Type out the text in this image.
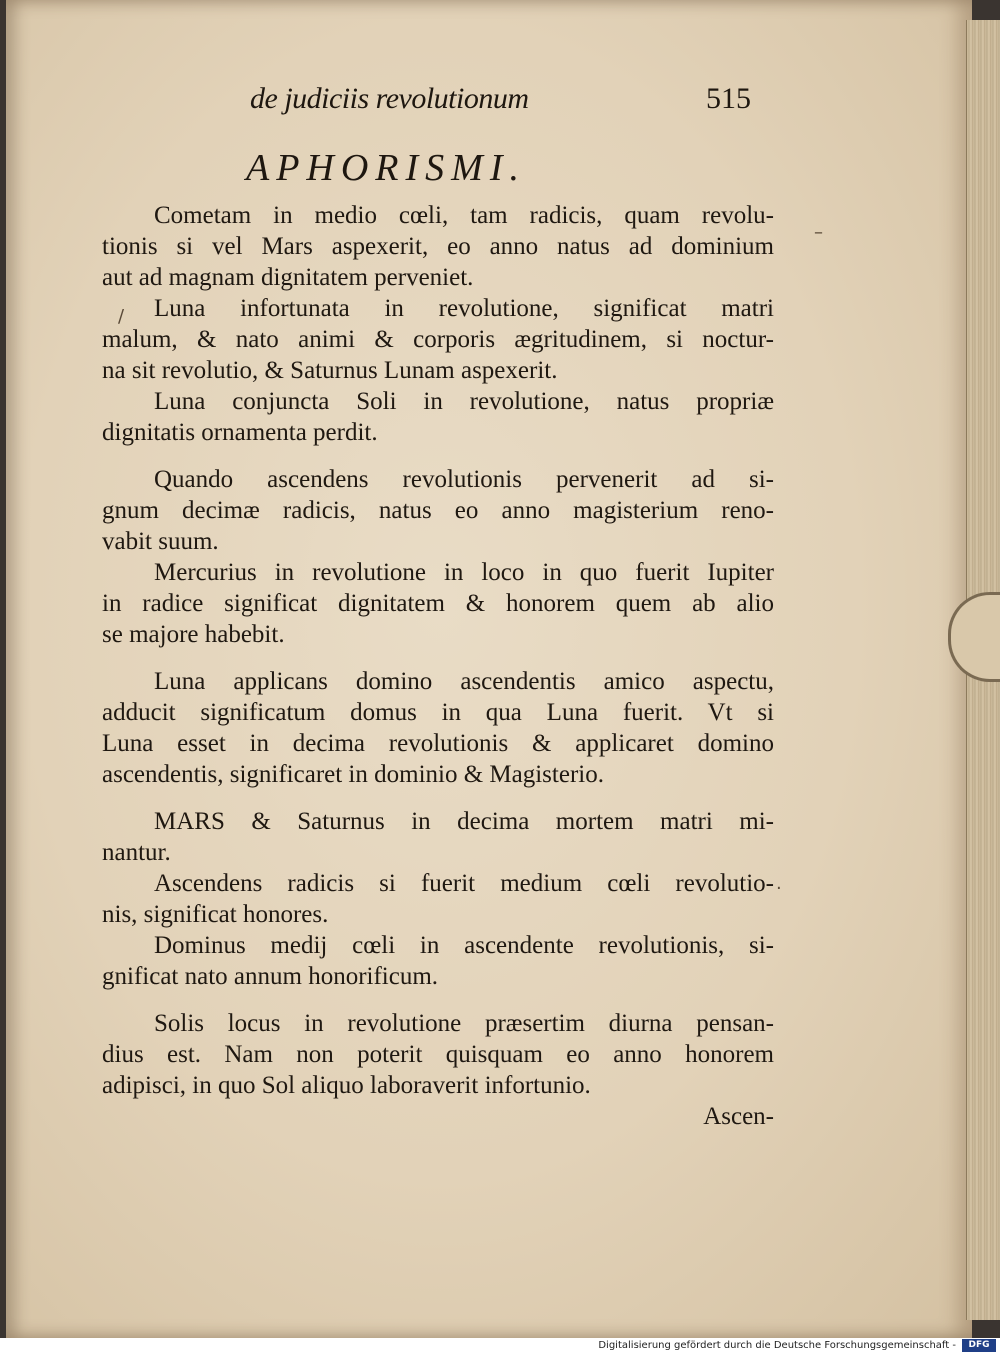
de judiciis revolutionum	515
APHORISMI.
Cometam in medio cœli, tam radicis, quam revolu-
tionis si vel Mars aspexerit, eo anno natus ad dominium
aut ad magnam dignitatem perveniet.
Luna infortunata in revolutione, significat matri
malum, & nato animi & corporis ægritudinem, si noctur-
na sit revolutio, & Saturnus Lunam aspexerit.
Luna conjuncta Soli in revolutione, natus propriæ
dignitatis ornamenta perdit.
Quando ascendens revolutionis pervenerit ad si-
gnum decimæ radicis, natus eo anno magisterium reno-
vabit suum.
Mercurius in revolutione in loco in quo fuerit Iupiter
in radice significat dignitatem & honorem quem ab alio
se majore habebit.
Luna applicans domino ascendentis amico aspectu,
adducit significatum domus in qua Luna fuerit. Vt si
Luna esset in decima revolutionis & applicaret domino
ascendentis, significaret in dominio & Magisterio.
MARS & Saturnus in decima mortem matri mi-
nantur.
Ascendens radicis si fuerit medium cœli revolutio-
nis, significat honores.
Dominus medij cœli in ascendente revolutionis, si-
gnificat nato annum honorificum.
Solis locus in revolutione præsertim diurna pensan-
dius est. Nam non poterit quisquam eo anno honorem
adipisci, in quo Sol aliquo laboraverit infortunio.
Ascen-
–
/
·
Digitalisierung gefördert durch die Deutsche Forschungsgemeinschaft -	DFG
